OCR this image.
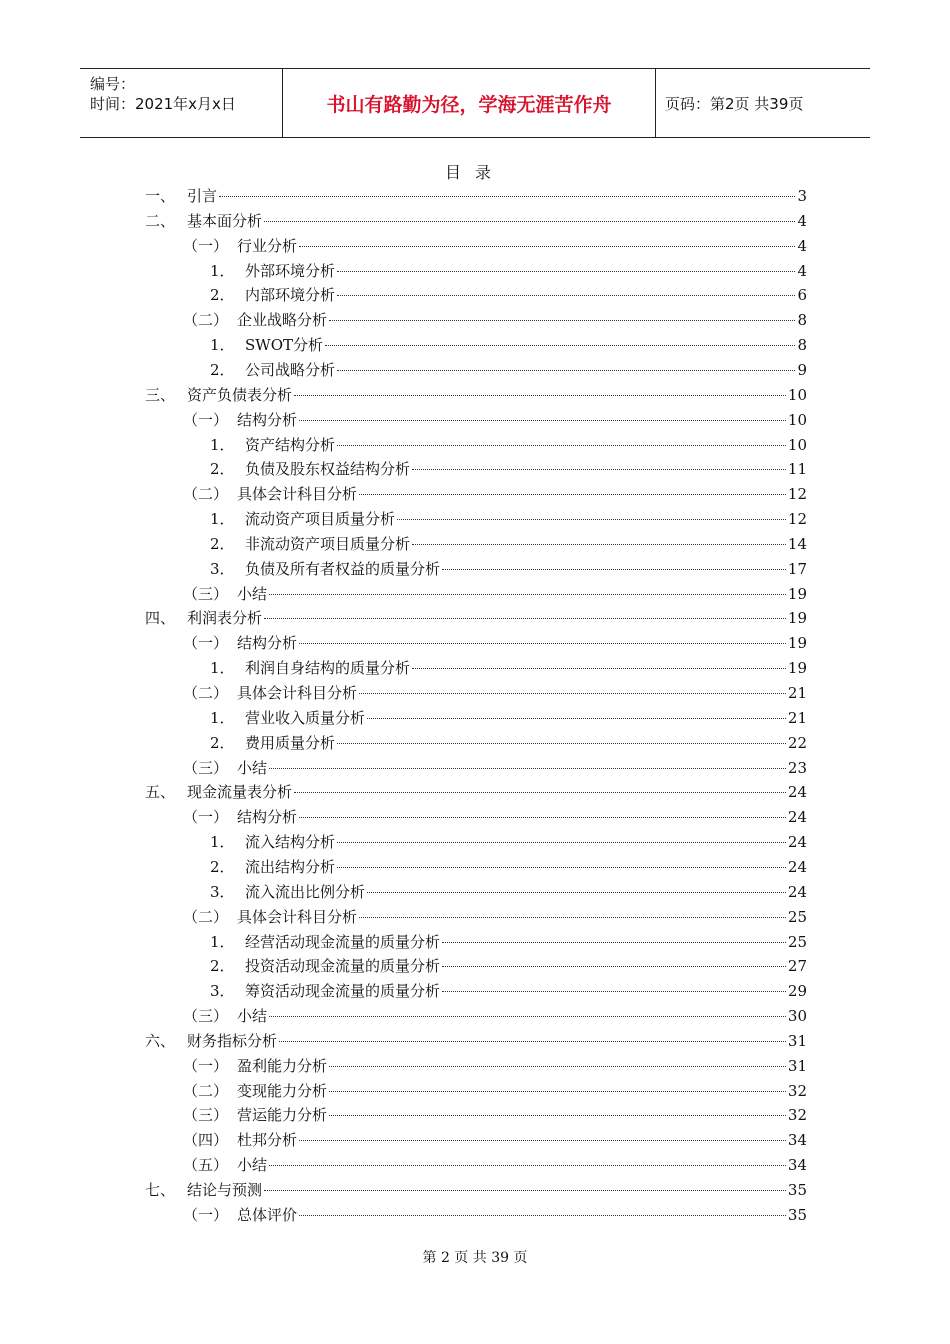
编号：
时间：2021年x月x日	书山有路勤为径，学海无涯苦作舟	页码：第2页 共39页
目录
一、 引言	3
二、 基本面分析	4
（一） 行业分析	4
1． 外部环境分析	4
2． 内部环境分析	6
（二） 企业战略分析	8
1． SWOT分析	8
2． 公司战略分析	9
三、 资产负债表分析	10
（一） 结构分析	10
1． 资产结构分析	10
2． 负债及股东权益结构分析	11
（二） 具体会计科目分析	12
1． 流动资产项目质量分析	12
2． 非流动资产项目质量分析	14
3． 负债及所有者权益的质量分析	17
（三） 小结	19
四、 利润表分析	19
（一） 结构分析	19
1． 利润自身结构的质量分析	19
（二） 具体会计科目分析	21
1． 营业收入质量分析	21
2． 费用质量分析	22
（三） 小结	23
五、 现金流量表分析	24
（一） 结构分析	24
1． 流入结构分析	24
2． 流出结构分析	24
3． 流入流出比例分析	24
（二） 具体会计科目分析	25
1． 经营活动现金流量的质量分析	25
2． 投资活动现金流量的质量分析	27
3． 筹资活动现金流量的质量分析	29
（三） 小结	30
六、 财务指标分析	31
（一） 盈利能力分析	31
（二） 变现能力分析	32
（三） 营运能力分析	32
（四） 杜邦分析	34
（五） 小结	34
七、 结论与预测	35
（一） 总体评价	35
第 2 页 共 39 页
